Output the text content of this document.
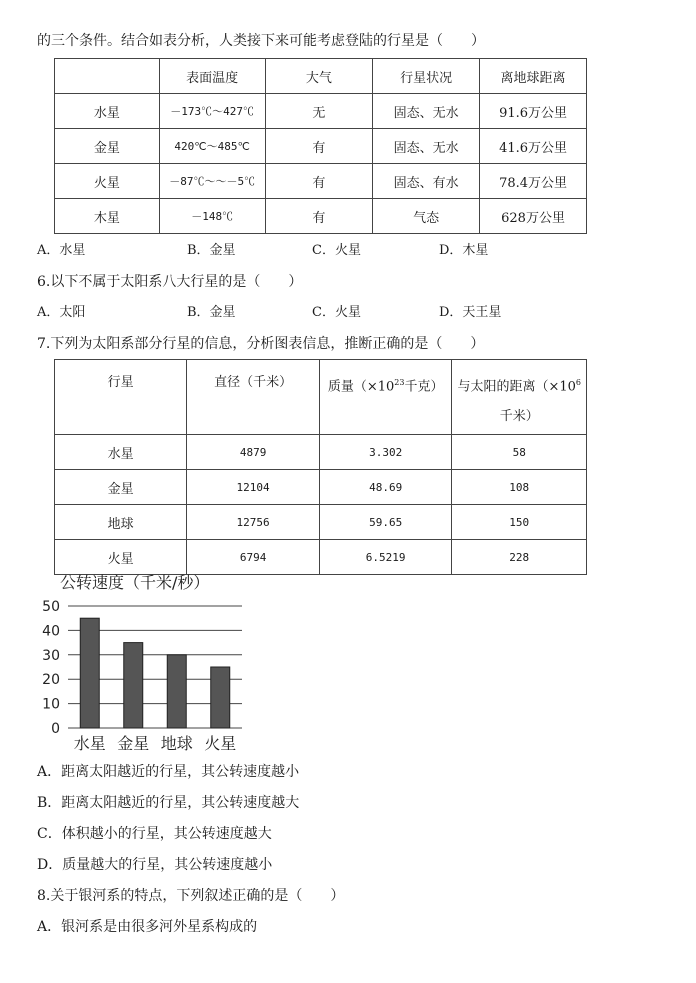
的三个条件。结合如表分析，人类接下来可能考虑登陆的行星是（　　）
	表面温度	大气	行星状况	离地球距离
水星	－173℃～427℃	无	固态、无水	91.6万公里
金星	420℃～485℃	有	固态、无水	41.6万公里
火星	－87℃～～－5℃	有	固态、有水	78.4万公里
木星	－148℃	有	气态	628万公里
A．水星	B．金星	C．火星	D．木星
6.以下不属于太阳系八大行星的是（　　）
A．太阳	B．金星	C．火星	D．天王星
7.下列为太阳系部分行星的信息，分析图表信息，推断正确的是（　　）
行星	直径（千米）	质量（$\times 10^{23}$千克）	与太阳的距离（$\times 10^6$
千米）
水星	4879	3.302	58
金星	12104	48.69	108
地球	12756	59.65	150
火星	6794	6.5219	228
公转速度（千米/秒）
0
10
20
30
40
50
水星 金星 地球 火星
A．距离太阳越近的行星，其公转速度越小
B．距离太阳越近的行星，其公转速度越大
C．体积越小的行星，其公转速度越大
D．质量越大的行星，其公转速度越小
8.关于银河系的特点，下列叙述正确的是（　　）
A．银河系是由很多河外星系构成的
